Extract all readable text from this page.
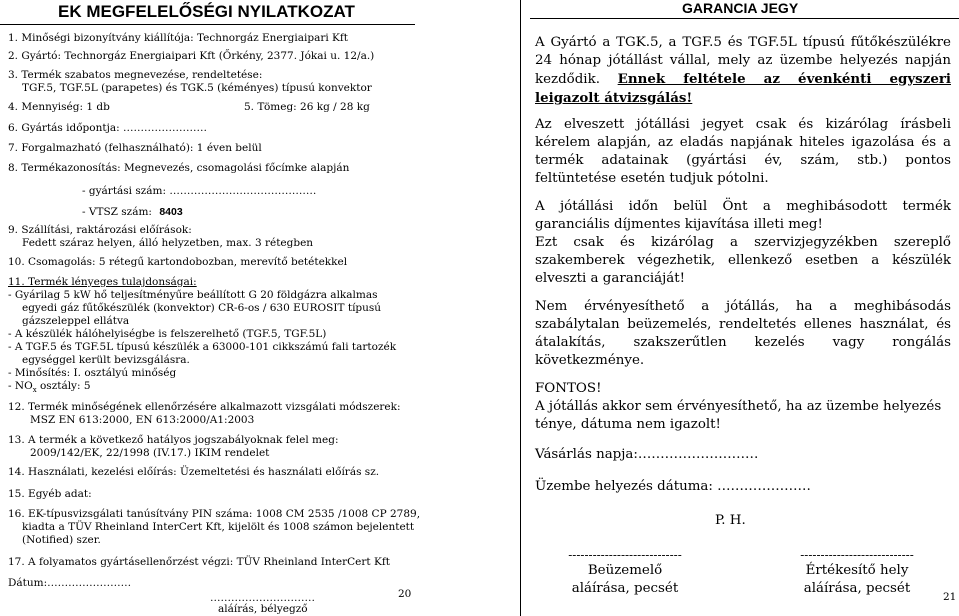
EK MEGFELELŐSÉGI NYILATKOZAT
1. Minőségi bizonyítvány kiállítója: Technorgáz Energiaipari Kft
2. Gyártó: Technorgáz Energiaipari Kft (Őrkény, 2377. Jókai u. 12/a.)
3. Termék szabatos megnevezése, rendeltetése:
TGF.5, TGF.5L (parapetes) és TGK.5 (kéményes) típusú konvektor
4. Mennyiség: 1 db	5. Tömeg: 26 kg / 28 kg
6. Gyártás időpontja: ……………………
7. Forgalmazható (felhasználható): 1 éven belül
8. Termékazonosítás: Megnevezés, csomagolási főcímke alapján
- gyártási szám: ……………………………………
- VTSZ szám: 8403
9. Szállítási, raktározási előírások:
Fedett száraz helyen, álló helyzetben, max. 3 rétegben
10. Csomagolás: 5 rétegű kartondobozban, merevítő betétekkel
11. Termék lényeges tulajdonságai:
- Gyárilag 5 kW hő teljesítményűre beállított G 20 földgázra alkalmas
egyedi gáz fűtőkészülék (konvektor) CR-6-os / 630 EUROSIT típusú
gázszeleppel ellátva
- A készülék hálóhelyiségbe is felszerelhető (TGF.5, TGF.5L)
- A TGF.5 és TGF.5L típusú készülék a 63000-101 cikkszámú fali tartozék
egységgel került bevizsgálásra.
- Minősítés: I. osztályú minőség
- $NO_x$ osztály: 5
12. Termék minőségének ellenőrzésére alkalmazott vizsgálati módszerek:
MSZ EN 613:2000, EN 613:2000/A1:2003
13. A termék a következő hatályos jogszabályoknak felel meg:
2009/142/EK, 22/1998 (IV.17.) IKIM rendelet
14. Használati, kezelési előírás: Üzemeltetési és használati előírás sz.
15. Egyéb adat:
16. EK-típusvizsgálati tanúsítvány PIN száma: 1008 CM 2535 /1008 CP 2789,
kiadta a TÜV Rheinland InterCert Kft, kijelölt és 1008 számon bejelentett
(Notified) szer.
17. A folyamatos gyártásellenőrzést végzi: TÜV Rheinland InterCert Kft
Dátum:……………………
…………………………
aláírás, bélyegző
20
GARANCIA JEGY
A Gyártó a TGK.5, a TGF.5 és TGF.5L típusú fűtőkészülékre 24 hónap jótállást vállal, mely az üzembe helyezés napján kezdődik. Ennek feltétele az évenkénti egyszeri leigazolt átvizsgálás!
Az elveszett jótállási jegyet csak és kizárólag írásbeli kérelem alapján, az eladás napjának hiteles igazolása és a termék adatainak (gyártási év, szám, stb.) pontos feltüntetése esetén tudjuk pótolni.
A jótállási időn belül Önt a meghibásodott termék garanciális díjmentes kijavítása illeti meg!
Ezt csak és kizárólag a szervizjegyzékben szereplő szakemberek végezhetik, ellenkező esetben a készülék elveszti a garanciáját!
Nem érvényesíthető a jótállás, ha a meghibásodás szabálytalan beüzemelés, rendeltetés ellenes használat, és átalakítás, szakszerűtlen kezelés vagy rongálás következménye.
FONTOS!
A jótállás akkor sem érvényesíthető, ha az üzembe helyezés ténye, dátuma nem igazolt!
Vásárlás napja:………………………
Üzembe helyezés dátuma: …………………
P. H.
----------------------------
Beüzemelő
aláírása, pecsét
----------------------------
Értékesítő hely
aláírása, pecsét
21
